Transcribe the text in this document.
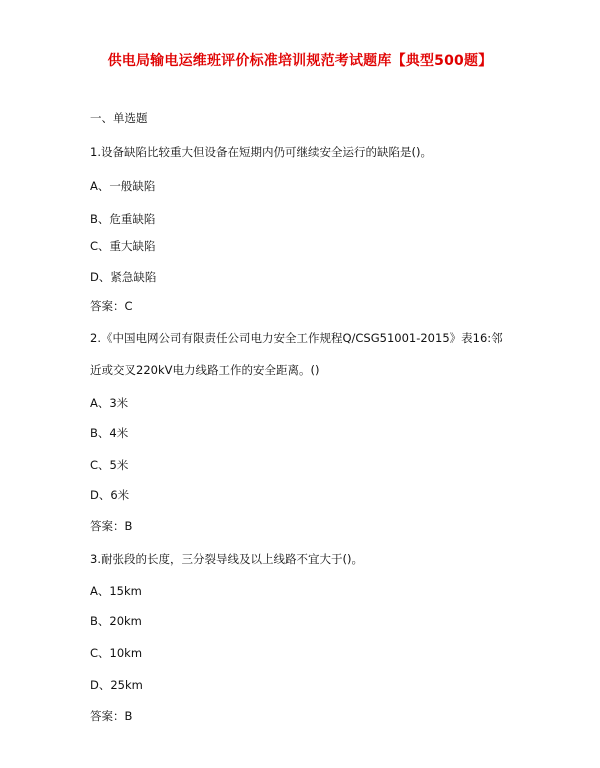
供电局输电运维班评价标准培训规范考试题库【典型500题】
一、单选题
1.设备缺陷比较重大但设备在短期内仍可继续安全运行的缺陷是()。
A、一般缺陷
B、危重缺陷
C、重大缺陷
D、紧急缺陷
答案：C
2.《中国电网公司有限责任公司电力安全工作规程Q/CSG51001-2015》表16:邻
近或交叉220kV电力线路工作的安全距离。()
A、3米
B、4米
C、5米
D、6米
答案：B
3.耐张段的长度，三分裂导线及以上线路不宜大于()。
A、15km
B、20km
C、10km
D、25km
答案：B
